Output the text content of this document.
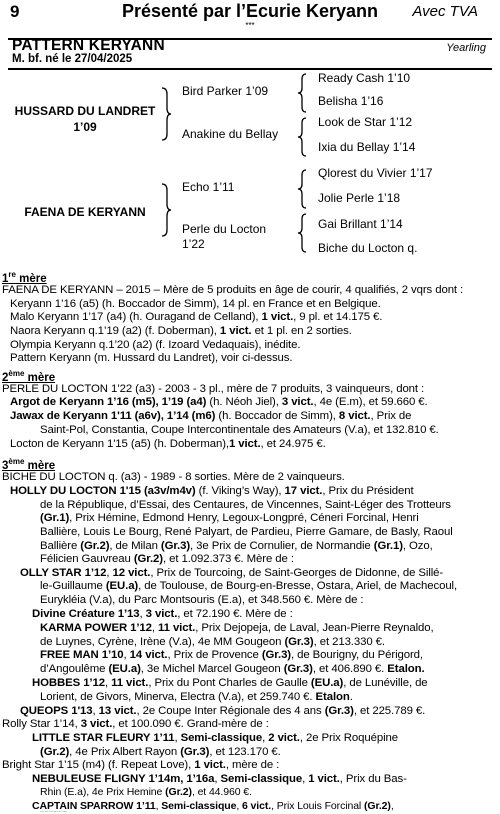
9	Présenté par l’Ecurie Keryann
***
Avec TVA
PATTERN KERYANN	Yearling
M. bf. né le 27/04/2025
HUSSARD DU LANDRET
1’09
FAENA DE KERYANN
Bird Parker 1’09
Anakine du Bellay
Echo 1’11
Perle du Locton
1’22
Ready Cash 1’10
Belisha 1’16
Look de Star 1’12
Ixia du Bellay 1’14
Qlorest du Vivier 1’17
Jolie Perle 1’18
Gai Brillant 1’14
Biche du Locton q.
1re mère
FAENA DE KERYANN – 2015 – Mère de 5 produits en âge de courir, 4 qualifiés, 2 vqrs dont :
Keryann 1’16 (a5) (h. Boccador de Simm), 14 pl. en France et en Belgique.
Malo Keryann 1’17 (a4) (h. Ouragand de Celland), 1 vict., 9 pl. et 14.175 €.
Naora Keryann q.1’19 (a2) (f. Doberman), 1 vict. et 1 pl. en 2 sorties.
Olympia Keryann q.1’20 (a2) (f. Izoard Vedaquais), inédite.
Pattern Keryann (m. Hussard du Landret), voir ci-dessus.
2ème mère
PERLE DU LOCTON 1’22 (a3) - 2003 - 3 pl., mère de 7 produits, 3 vainqueurs, dont :
Argot de Keryann 1’16 (m5), 1’19 (a4) (h. Néoh Jiel), 3 vict., 4e (E.m), et 59.660 €.
Jawax de Keryann 1'11 (a6v), 1’14 (m6) (h. Boccador de Simm), 8 vict., Prix de
Saint-Pol, Constantia, Coupe Intercontinentale des Amateurs (V.a), et 132.810 €.
Locton de Keryann 1'15 (a5) (h. Doberman),1 vict., et 24.975 €.
3ème mère
BICHE DU LOCTON q. (a3) - 1989 - 8 sorties. Mère de 2 vainqueurs.
HOLLY DU LOCTON 1'15 (a3v/m4v) (f. Viking’s Way), 17 vict., Prix du Président
de la République, d’Essai, des Centaures, de Vincennes, Saint-Léger des Trotteurs
(Gr.1), Prix Hémine, Edmond Henry, Legoux-Longpré, Céneri Forcinal, Henri
Ballière, Louis Le Bourg, René Palyart, de Pardieu, Pierre Gamare, de Basly, Raoul
Ballière (Gr.2), de Milan (Gr.3), 3e Prix de Cornulier, de Normandie (Gr.1), Ozo,
Félicien Gauvreau (Gr.2), et 1.092.373 €. Mère de :
OLLY STAR 1’12, 12 vict., Prix de Tourcoing, de Saint-Georges de Didonne, de Sillé-
le-Guillaume (EU.a), de Toulouse, de Bourg-en-Bresse, Ostara, Ariel, de Machecoul,
Eurykléia (V.a), du Parc Montsouris (E.a), et 348.560 €. Mère de :
Divine Créature 1’13, 3 vict., et 72.190 €. Mère de :
KARMA POWER 1’12, 11 vict., Prix Dejopeja, de Laval, Jean-Pierre Reynaldo,
de Luynes, Cyrène, Irène (V.a), 4e MM Gougeon (Gr.3), et 213.330 €.
FREE MAN 1’10, 14 vict., Prix de Provence (Gr.3), de Bourigny, du Périgord,
d’Angoulême (EU.a), 3e Michel Marcel Gougeon (Gr.3), et 406.890 €. Etalon.
HOBBES 1’12, 11 vict., Prix du Pont Charles de Gaulle (EU.a), de Lunéville, de
Lorient, de Givors, Minerva, Electra (V.a), et 259.740 €. Etalon.
QUEOPS 1'13, 13 vict., 2e Coupe Inter Régionale des 4 ans (Gr.3), et 225.789 €.
Rolly Star 1’14, 3 vict., et 100.090 €. Grand-mère de :
LITTLE STAR FLEURY 1’11, Semi-classique, 2 vict., 2e Prix Roquépine
(Gr.2), 4e Prix Albert Rayon (Gr.3), et 123.170 €.
Bright Star 1’15 (m4) (f. Repeat Love), 1 vict., mère de :
NEBULEUSE FLIGNY 1’14m, 1’16a, Semi-classique, 1 vict., Prix du Bas-
Rhin (E.a), 4e Prix Hemine (Gr.2), et 44.960 €.
CAPTAIN SPARROW 1’11, Semi-classique, 6 vict., Prix Louis Forcinal (Gr.2),
GP Stad Waregem à Waregem (Gr.2), et 383.936 €. Etalon.
